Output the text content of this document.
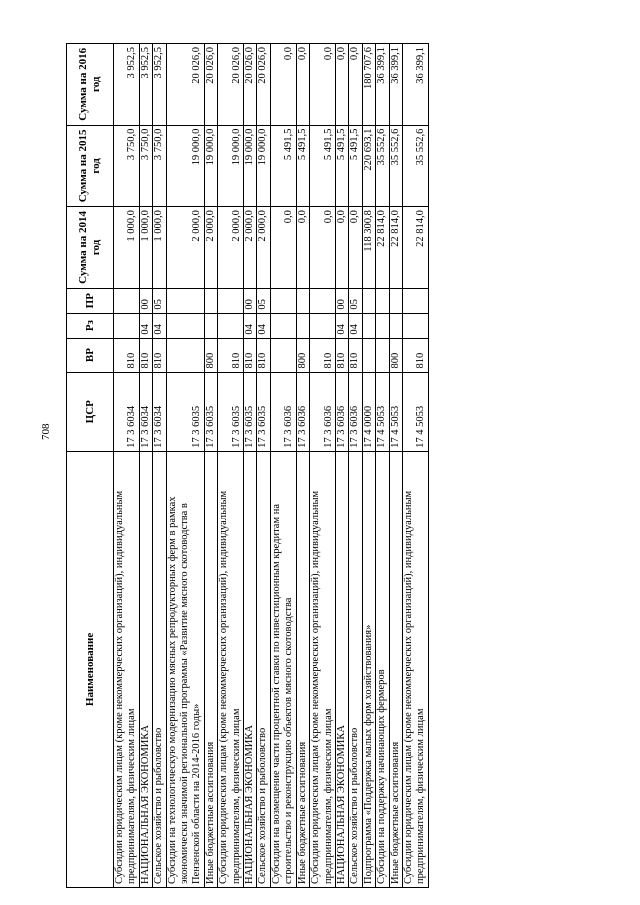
708
Наименование	ЦСР	ВР	Рз	ПР	Сумма на 2014 год	Сумма на 2015 год	Сумма на 2016 год
Субсидии юридическим лицам (кроме некоммерческих организаций), индивидуальным предпринимателям, физическим лицам	17 3 6034	810			1 000,0	3 750,0	3 952,5
НАЦИОНАЛЬНАЯ ЭКОНОМИКА	17 3 6034	810	04	00	1 000,0	3 750,0	3 952,5
Сельское хозяйство и рыболовство	17 3 6034	810	04	05	1 000,0	3 750,0	3 952,5
Субсидии на технологическую модернизацию мясных репродукторных ферм в рамках экономически значимой региональной программы «Развитие мясного скотоводства в Пензенской области на 2014-2016 годы»	17 3 6035				2 000,0	19 000,0	20 026,0
Иные бюджетные ассигнования	17 3 6035	800			2 000,0	19 000,0	20 026,0
Субсидии юридическим лицам (кроме некоммерческих организаций), индивидуальным предпринимателям, физическим лицам	17 3 6035	810			2 000,0	19 000,0	20 026,0
НАЦИОНАЛЬНАЯ ЭКОНОМИКА	17 3 6035	810	04	00	2 000,0	19 000,0	20 026,0
Сельское хозяйство и рыболовство	17 3 6035	810	04	05	2 000,0	19 000,0	20 026,0
Субсидии на возмещение части процентной ставки по инвестиционным кредитам на строительство и реконструкцию объектов мясного скотоводства	17 3 6036				0,0	5 491,5	0,0
Иные бюджетные ассигнования	17 3 6036	800			0,0	5 491,5	0,0
Субсидии юридическим лицам (кроме некоммерческих организаций), индивидуальным предпринимателям, физическим лицам	17 3 6036	810			0,0	5 491,5	0,0
НАЦИОНАЛЬНАЯ ЭКОНОМИКА	17 3 6036	810	04	00	0,0	5 491,5	0,0
Сельское хозяйство и рыболовство	17 3 6036	810	04	05	0,0	5 491,5	0,0
Подпрограмма «Поддержка малых форм хозяйствования»	17 4 0000				118 300,8	220 693,1	180 707,6
Субсидии на поддержку начинающих фермеров	17 4 5053				22 814,0	35 552,6	36 399,1
Иные бюджетные ассигнования	17 4 5053	800			22 814,0	35 552,6	36 399,1
Субсидии юридическим лицам (кроме некоммерческих организаций), индивидуальным предпринимателям, физическим лицам	17 4 5053	810			22 814,0	35 552,6	36 399,1
